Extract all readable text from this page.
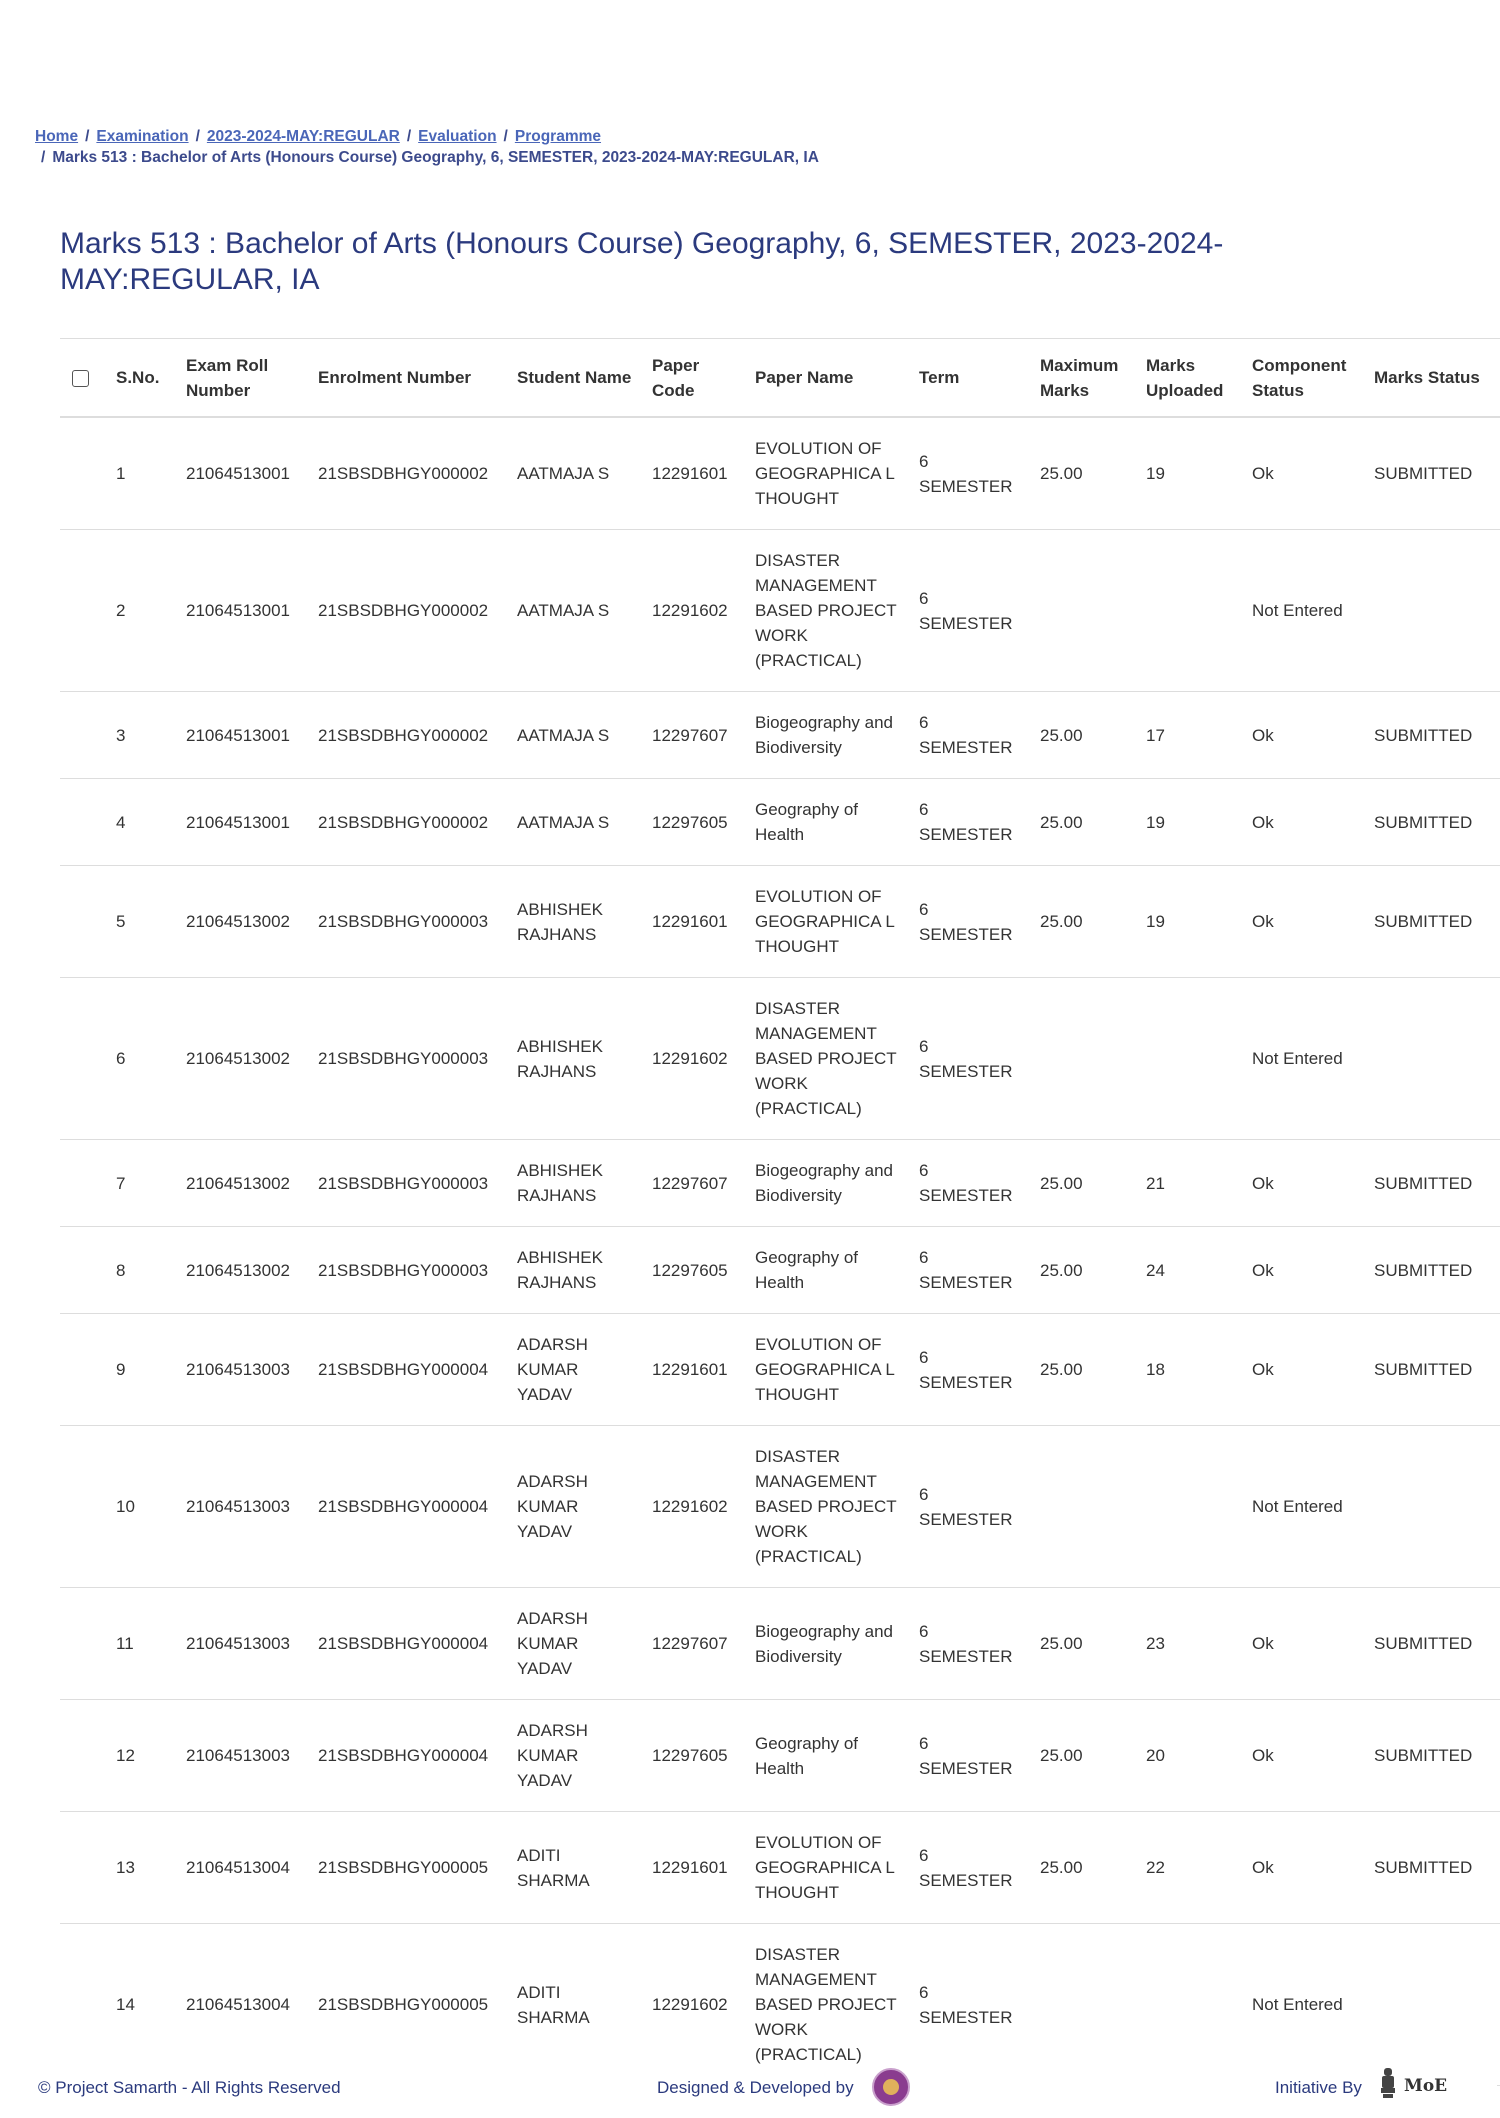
Home / Examination / 2023-2024-MAY:REGULAR / Evaluation / Programme
/ Marks 513 : Bachelor of Arts (Honours Course) Geography, 6, SEMESTER, 2023-2024-MAY:REGULAR, IA
Marks 513 : Bachelor of Arts (Honours Course) Geography, 6, SEMESTER, 2023-2024-MAY:REGULAR, IA
	S.No.	Exam Roll Number	Enrolment Number	Student Name	Paper Code	Paper Name	Term	Maximum Marks	Marks Uploaded	Component Status	Marks Status
	1	21064513001	21SBSDBHGY000002	AATMAJA S	12291601	EVOLUTION OF GEOGRAPHICA L THOUGHT	6 SEMESTER	25.00	19	Ok	SUBMITTED
	2	21064513001	21SBSDBHGY000002	AATMAJA S	12291602	DISASTER MANAGEMENT BASED PROJECT WORK (PRACTICAL)	6 SEMESTER			Not Entered	
	3	21064513001	21SBSDBHGY000002	AATMAJA S	12297607	Biogeography and Biodiversity	6 SEMESTER	25.00	17	Ok	SUBMITTED
	4	21064513001	21SBSDBHGY000002	AATMAJA S	12297605	Geography of Health	6 SEMESTER	25.00	19	Ok	SUBMITTED
	5	21064513002	21SBSDBHGY000003	ABHISHEK RAJHANS	12291601	EVOLUTION OF GEOGRAPHICA L THOUGHT	6 SEMESTER	25.00	19	Ok	SUBMITTED
	6	21064513002	21SBSDBHGY000003	ABHISHEK RAJHANS	12291602	DISASTER MANAGEMENT BASED PROJECT WORK (PRACTICAL)	6 SEMESTER			Not Entered	
	7	21064513002	21SBSDBHGY000003	ABHISHEK RAJHANS	12297607	Biogeography and Biodiversity	6 SEMESTER	25.00	21	Ok	SUBMITTED
	8	21064513002	21SBSDBHGY000003	ABHISHEK RAJHANS	12297605	Geography of Health	6 SEMESTER	25.00	24	Ok	SUBMITTED
	9	21064513003	21SBSDBHGY000004	ADARSH KUMAR YADAV	12291601	EVOLUTION OF GEOGRAPHICA L THOUGHT	6 SEMESTER	25.00	18	Ok	SUBMITTED
	10	21064513003	21SBSDBHGY000004	ADARSH KUMAR YADAV	12291602	DISASTER MANAGEMENT BASED PROJECT WORK (PRACTICAL)	6 SEMESTER			Not Entered	
	11	21064513003	21SBSDBHGY000004	ADARSH KUMAR YADAV	12297607	Biogeography and Biodiversity	6 SEMESTER	25.00	23	Ok	SUBMITTED
	12	21064513003	21SBSDBHGY000004	ADARSH KUMAR YADAV	12297605	Geography of Health	6 SEMESTER	25.00	20	Ok	SUBMITTED
	13	21064513004	21SBSDBHGY000005	ADITI SHARMA	12291601	EVOLUTION OF GEOGRAPHICA L THOUGHT	6 SEMESTER	25.00	22	Ok	SUBMITTED
	14	21064513004	21SBSDBHGY000005	ADITI SHARMA	12291602	DISASTER MANAGEMENT BASED PROJECT WORK (PRACTICAL)	6 SEMESTER			Not Entered	
© Project Samarth - All Rights Reserved	Designed & Developed by	Initiative By MoE
